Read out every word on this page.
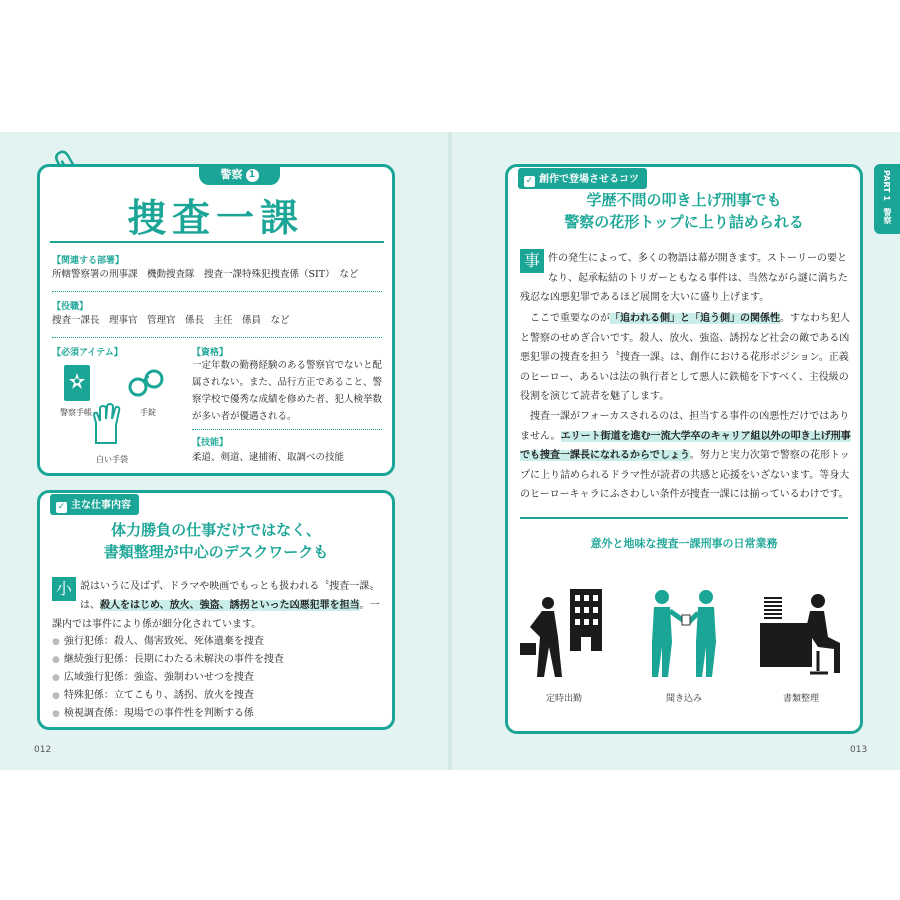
警察 1
捜査一課
【関連する部署】
所轄警察署の刑事課　機動捜査隊　捜査一課特殊犯捜査係（SIT）　など
【役職】
捜査一課長　理事官　管理官　係長　主任　係員　など
【必須アイテム】
警察手帳	手錠
白い手袋
【資格】
一定年数の勤務経験のある警察官でないと配属されない。また、品行方正であること、警察学校で優秀な成績を修めた者、犯人検挙数が多い者が優遇される。
【技能】
柔道、剣道、逮捕術、取調べの技能
✓ 主な仕事内容
体力勝負の仕事だけではなく、
書類整理が中心のデスクワークも
小 説はいうに及ばず、ドラマや映画でもっとも扱われる〝捜査一課〟は、殺人をはじめ、放火、強盗、誘拐といった凶悪犯罪を担当。一課内では事件により係が細分化されています。
● 強行犯係：殺人、傷害致死、死体遺棄を捜査
● 継続強行犯係：長期にわたる未解決の事件を捜査
● 広域強行犯係：強盗、強制わいせつを捜査
● 特殊犯係：立てこもり、誘拐、放火を捜査
● 検視調査係：現場での事件性を判断する係
012
✓ 創作で登場させるコツ
学歴不問の叩き上げ刑事でも
警察の花形トップに上り詰められる
事 件の発生によって、多くの物語は幕が開きます。ストーリーの要となり、起承転結のトリガーともなる事件は、当然ながら謎に満ちた残忍な凶悪犯罪であるほど展開を大いに盛り上げます。
ここで重要なのが「追われる側」と「追う側」の関係性。すなわち犯人と警察のせめぎ合いです。殺人、放火、強盗、誘拐など社会の敵である凶悪犯罪の捜査を担う〝捜査一課〟は、創作における花形ポジション。正義のヒーロー、あるいは法の執行者として悪人に鉄槌を下すべく、主役級の役割を演じて読者を魅了します。
捜査一課がフォーカスされるのは、担当する事件の凶悪性だけではありません。エリート街道を進む一流大学卒のキャリア組以外の叩き上げ刑事でも捜査一課長になれるからでしょう。努力と実力次第で警察の花形トップに上り詰められるドラマ性が読者の共感と応援をいざないます。等身大のヒーローキャラにふさわしい条件が捜査一課には揃っているわけです。
意外と地味な捜査一課刑事の日常業務
定時出勤	聞き込み	書類整理
PART 1
警察
013
